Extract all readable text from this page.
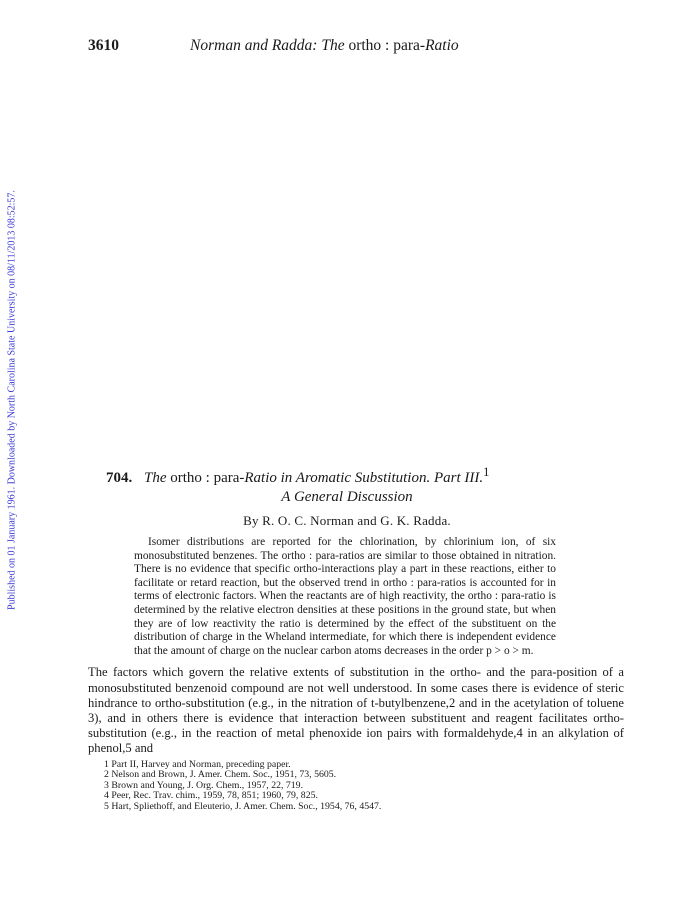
Published on 01 January 1961. Downloaded by North Carolina State University on 08/11/2013 08:52:57.
3610	Norman and Radda: The ortho : para-Ratio
704. The ortho : para-Ratio in Aromatic Substitution. Part III.$^1$
A General Discussion
By R. O. C. Norman and G. K. Radda.

Isomer distributions are reported for the chlorination, by chlorinium ion, of six monosubstituted benzenes. The ortho : para-ratios are similar to those obtained in nitration. There is no evidence that specific ortho-interactions play a part in these reactions, either to facilitate or retard reaction, but the observed trend in ortho : para-ratios is accounted for in terms of electronic factors. When the reactants are of high reactivity, the ortho : para-ratio is determined by the relative electron densities at these positions in the ground state, but when they are of low reactivity the ratio is determined by the effect of the substituent on the distribution of charge in the Wheland intermediate, for which there is independent evidence that the amount of charge on the nuclear carbon atoms decreases in the order p > o > m.

The factors which govern the relative extents of substitution in the ortho- and the para-position of a monosubstituted benzenoid compound are not well understood. In some cases there is evidence of steric hindrance to ortho-substitution (e.g., in the nitration of t-butylbenzene,2 and in the acetylation of toluene 3), and in others there is evidence that interaction between substituent and reagent facilitates ortho-substitution (e.g., in the reaction of metal phenoxide ion pairs with formaldehyde,4 in an alkylation of phenol,5 and

1 Part II, Harvey and Norman, preceding paper.
2 Nelson and Brown, J. Amer. Chem. Soc., 1951, 73, 5605.
3 Brown and Young, J. Org. Chem., 1957, 22, 719.
4 Peer, Rec. Trav. chim., 1959, 78, 851; 1960, 79, 825.
5 Hart, Spliethoff, and Eleuterio, J. Amer. Chem. Soc., 1954, 76, 4547.
